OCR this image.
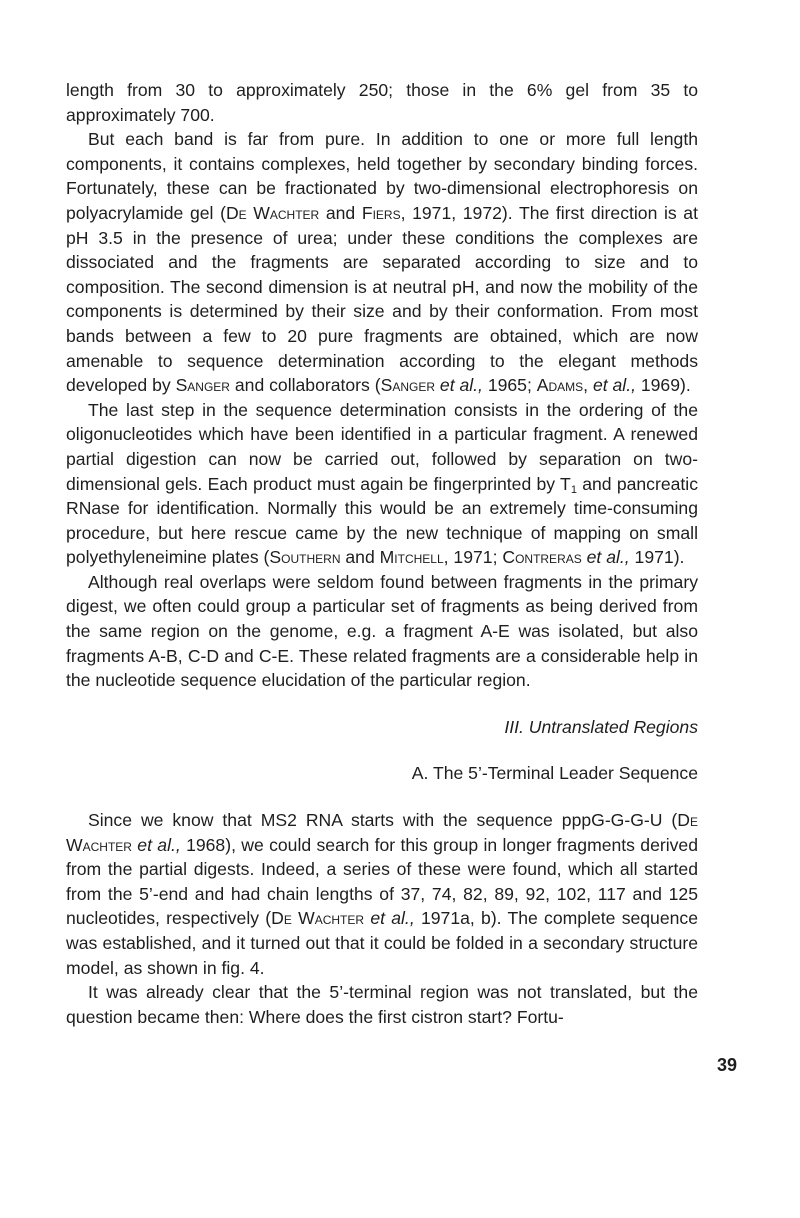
length from 30 to approximately 250; those in the 6% gel from 35 to approximately 700.

But each band is far from pure. In addition to one or more full length components, it contains complexes, held together by secondary binding forces. Fortunately, these can be fractionated by two-dimensional electrophoresis on polyacrylamide gel (De Wachter and Fiers, 1971, 1972). The first direction is at pH 3.5 in the presence of urea; under these conditions the complexes are dissociated and the fragments are separated according to size and to composition. The second dimension is at neutral pH, and now the mobility of the components is determined by their size and by their conformation. From most bands between a few to 20 pure fragments are obtained, which are now amenable to sequence determination according to the elegant methods developed by Sanger and collaborators (Sanger et al., 1965; Adams, et al., 1969).

The last step in the sequence determination consists in the ordering of the oligonucleotides which have been identified in a particular fragment. A renewed partial digestion can now be carried out, followed by separation on two-dimensional gels. Each product must again be fingerprinted by $T_1$ and pancreatic RNase for identification. Normally this would be an extremely time-consuming procedure, but here rescue came by the new technique of mapping on small polyethyleneimine plates (Southern and Mitchell, 1971; Contreras et al., 1971).

Although real overlaps were seldom found between fragments in the primary digest, we often could group a particular set of fragments as being derived from the same region on the genome, e.g. a fragment A-E was isolated, but also fragments A-B, C-D and C-E. These related fragments are a considerable help in the nucleotide sequence elucidation of the particular region.

III. Untranslated Regions

A. The 5’-Terminal Leader Sequence

Since we know that MS2 RNA starts with the sequence pppG-G-G-U (De Wachter et al., 1968), we could search for this group in longer fragments derived from the partial digests. Indeed, a series of these were found, which all started from the 5’-end and had chain lengths of 37, 74, 82, 89, 92, 102, 117 and 125 nucleotides, respectively (De Wachter et al., 1971a, b). The complete sequence was established, and it turned out that it could be folded in a secondary structure model, as shown in fig. 4.

It was already clear that the 5’-terminal region was not translated, but the question became then: Where does the first cistron start? Fortu-

39
